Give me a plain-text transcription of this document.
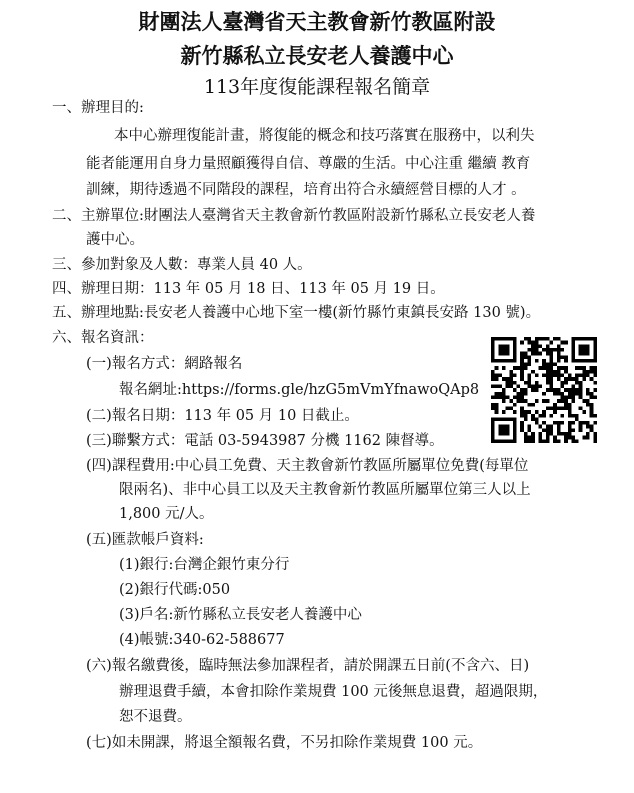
財團法人臺灣省天主教會新竹教區附設
新竹縣私立長安老人養護中心
113年度復能課程報名簡章
一、辦理目的:
本中心辦理復能計畫，將復能的概念和技巧落實在服務中，以利失
能者能運用自身力量照顧獲得自信、尊嚴的生活。中心注重 繼續 教育
訓練，期待透過不同階段的課程，培育出符合永續經營目標的人才 。
二、主辦單位:財團法人臺灣省天主教會新竹教區附設新竹縣私立長安老人養
護中心。
三、參加對象及人數：專業人員 40 人。
四、辦理日期：113 年 05 月 18 日、113 年 05 月 19 日。
五、辦理地點:長安老人養護中心地下室一樓(新竹縣竹東鎮長安路 130 號)。
六、報名資訊：
(一)報名方式：網路報名
報名網址:https://forms.gle/hzG5mVmYfnawoQAp8
(二)報名日期：113 年 05 月 10 日截止。
(三)聯繫方式：電話 03-5943987 分機 1162 陳督導。
(四)課程費用:中心員工免費、天主教會新竹教區所屬單位免費(每單位
限兩名)、非中心員工以及天主教會新竹教區所屬單位第三人以上
1,800 元/人。
(五)匯款帳戶資料:
(1)銀行:台灣企銀竹東分行
(2)銀行代碼:050
(3)戶名:新竹縣私立長安老人養護中心
(4)帳號:340-62-588677
(六)報名繳費後，臨時無法參加課程者，請於開課五日前(不含六、日)
辦理退費手續，本會扣除作業規費 100 元後無息退費，超過限期，
恕不退費。
(七)如未開課，將退全額報名費，不另扣除作業規費 100 元。
